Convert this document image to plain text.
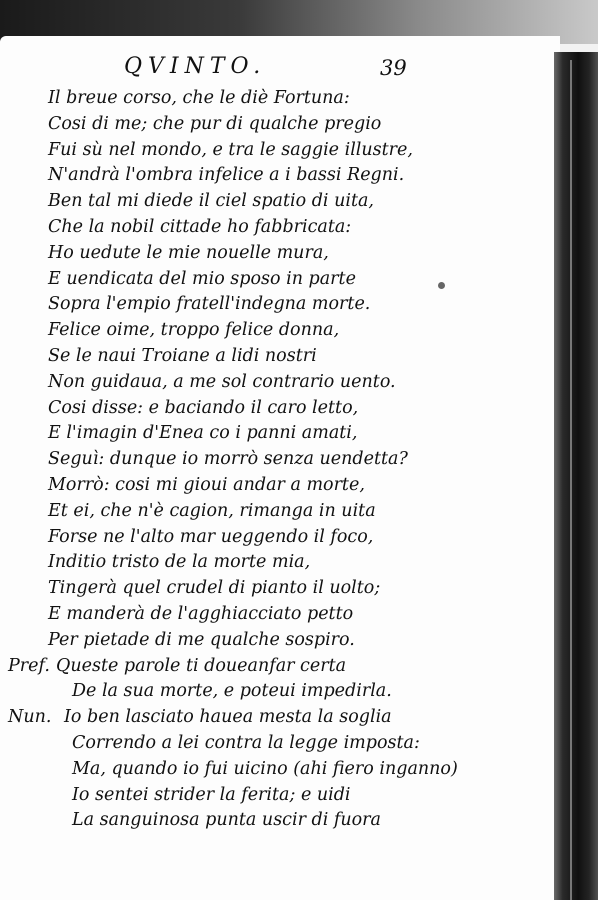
QVINTO.	39
Il breue corso, che le diè Fortuna:
Cosi di me; che pur di qualche pregio
Fui sù nel mondo, e tra le saggie illustre,
N'andrà l'ombra infelice a i bassi Regni.
Ben tal mi diede il ciel spatio di uita,
Che la nobil cittade ho fabbricata:
Ho uedute le mie nouelle mura,
E uendicata del mio sposo in parte
Sopra l'empio fratell'indegna morte.
Felice oime, troppo felice donna,
Se le naui Troiane a lidi nostri
Non guidaua, a me sol contrario uento.
Cosi disse: e baciando il caro letto,
E l'imagin d'Enea co i panni amati,
Seguì: dunque io morrò senza uendetta?
Morrò: cosi mi gioui andar a morte,
Et ei, che n'è cagion, rimanga in uita
Forse ne l'alto mar ueggendo il foco,
Inditio tristo de la morte mia,
Tingerà quel crudel di pianto il uolto;
E manderà de l'agghiacciato petto
Per pietade di me qualche sospiro.
Pref. Queste parole ti doueanfar certa
De la sua morte, e poteui impedirla.
Nun. Io ben lasciato hauea mesta la soglia
Correndo a lei contra la legge imposta:
Ma, quando io fui uicino (ahi fiero inganno)
Io sentei strider la ferita; e uidi
La sanguinosa punta uscir di fuora
